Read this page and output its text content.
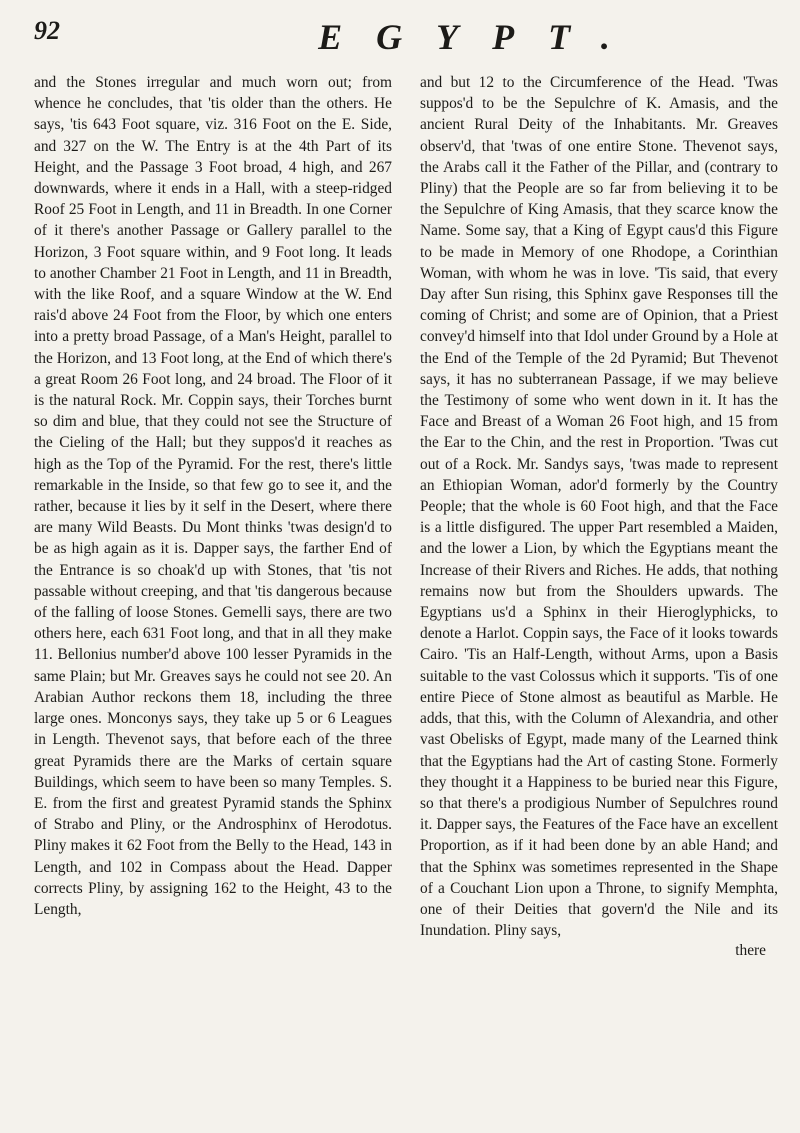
92	EGYPT.
and the Stones irregular and much worn out; from whence he concludes, that 'tis older than the others. He says, 'tis 643 Foot square, viz. 316 Foot on the E. Side, and 327 on the W. The Entry is at the 4th Part of its Height, and the Passage 3 Foot broad, 4 high, and 267 downwards, where it ends in a Hall, with a steep-ridged Roof 25 Foot in Length, and 11 in Breadth. In one Corner of it there's another Passage or Gallery parallel to the Horizon, 3 Foot square within, and 9 Foot long. It leads to another Chamber 21 Foot in Length, and 11 in Breadth, with the like Roof, and a square Window at the W. End rais'd above 24 Foot from the Floor, by which one enters into a pretty broad Passage, of a Man's Height, parallel to the Horizon, and 13 Foot long, at the End of which there's a great Room 26 Foot long, and 24 broad. The Floor of it is the natural Rock. Mr. Coppin says, their Torches burnt so dim and blue, that they could not see the Structure of the Cieling of the Hall; but they suppos'd it reaches as high as the Top of the Pyramid. For the rest, there's little remarkable in the Inside, so that few go to see it, and the rather, because it lies by it self in the Desert, where there are many Wild Beasts. Du Mont thinks 'twas design'd to be as high again as it is. Dapper says, the farther End of the Entrance is so choak'd up with Stones, that 'tis not passable without creeping, and that 'tis dangerous because of the falling of loose Stones. Gemelli says, there are two others here, each 631 Foot long, and that in all they make 11. Bellonius number'd above 100 lesser Pyramids in the same Plain; but Mr. Greaves says he could not see 20. An Arabian Author reckons them 18, including the three large ones. Monconys says, they take up 5 or 6 Leagues in Length. Thevenot says, that before each of the three great Pyramids there are the Marks of certain square Buildings, which seem to have been so many Temples. S. E. from the first and greatest Pyramid stands the Sphinx of Strabo and Pliny, or the Androsphinx of Herodotus. Pliny makes it 62 Foot from the Belly to the Head, 143 in Length, and 102 in Compass about the Head. Dapper corrects Pliny, by assigning 162 to the Height, 43 to the Length,
and but 12 to the Circumference of the Head. 'Twas suppos'd to be the Sepulchre of K. Amasis, and the ancient Rural Deity of the Inhabitants. Mr. Greaves observ'd, that 'twas of one entire Stone. Thevenot says, the Arabs call it the Father of the Pillar, and (contrary to Pliny) that the People are so far from believing it to be the Sepulchre of King Amasis, that they scarce know the Name. Some say, that a King of Egypt caus'd this Figure to be made in Memory of one Rhodope, a Corinthian Woman, with whom he was in love. 'Tis said, that every Day after Sun rising, this Sphinx gave Responses till the coming of Christ; and some are of Opinion, that a Priest convey'd himself into that Idol under Ground by a Hole at the End of the Temple of the 2d Pyramid; But Thevenot says, it has no subterranean Passage, if we may believe the Testimony of some who went down in it. It has the Face and Breast of a Woman 26 Foot high, and 15 from the Ear to the Chin, and the rest in Proportion. 'Twas cut out of a Rock. Mr. Sandys says, 'twas made to represent an Ethiopian Woman, ador'd formerly by the Country People; that the whole is 60 Foot high, and that the Face is a little disfigured. The upper Part resembled a Maiden, and the lower a Lion, by which the Egyptians meant the Increase of their Rivers and Riches. He adds, that nothing remains now but from the Shoulders upwards. The Egyptians us'd a Sphinx in their Hieroglyphicks, to denote a Harlot. Coppin says, the Face of it looks towards Cairo. 'Tis an Half-Length, without Arms, upon a Basis suitable to the vast Colossus which it supports. 'Tis of one entire Piece of Stone almost as beautiful as Marble. He adds, that this, with the Column of Alexandria, and other vast Obelisks of Egypt, made many of the Learned think that the Egyptians had the Art of casting Stone. Formerly they thought it a Happiness to be buried near this Figure, so that there's a prodigious Number of Sepulchres round it. Dapper says, the Features of the Face have an excellent Proportion, as if it had been done by an able Hand; and that the Sphinx was sometimes represented in the Shape of a Couchant Lion upon a Throne, to signify Memphta, one of their Deities that govern'd the Nile and its Inundation. Pliny says,
there
